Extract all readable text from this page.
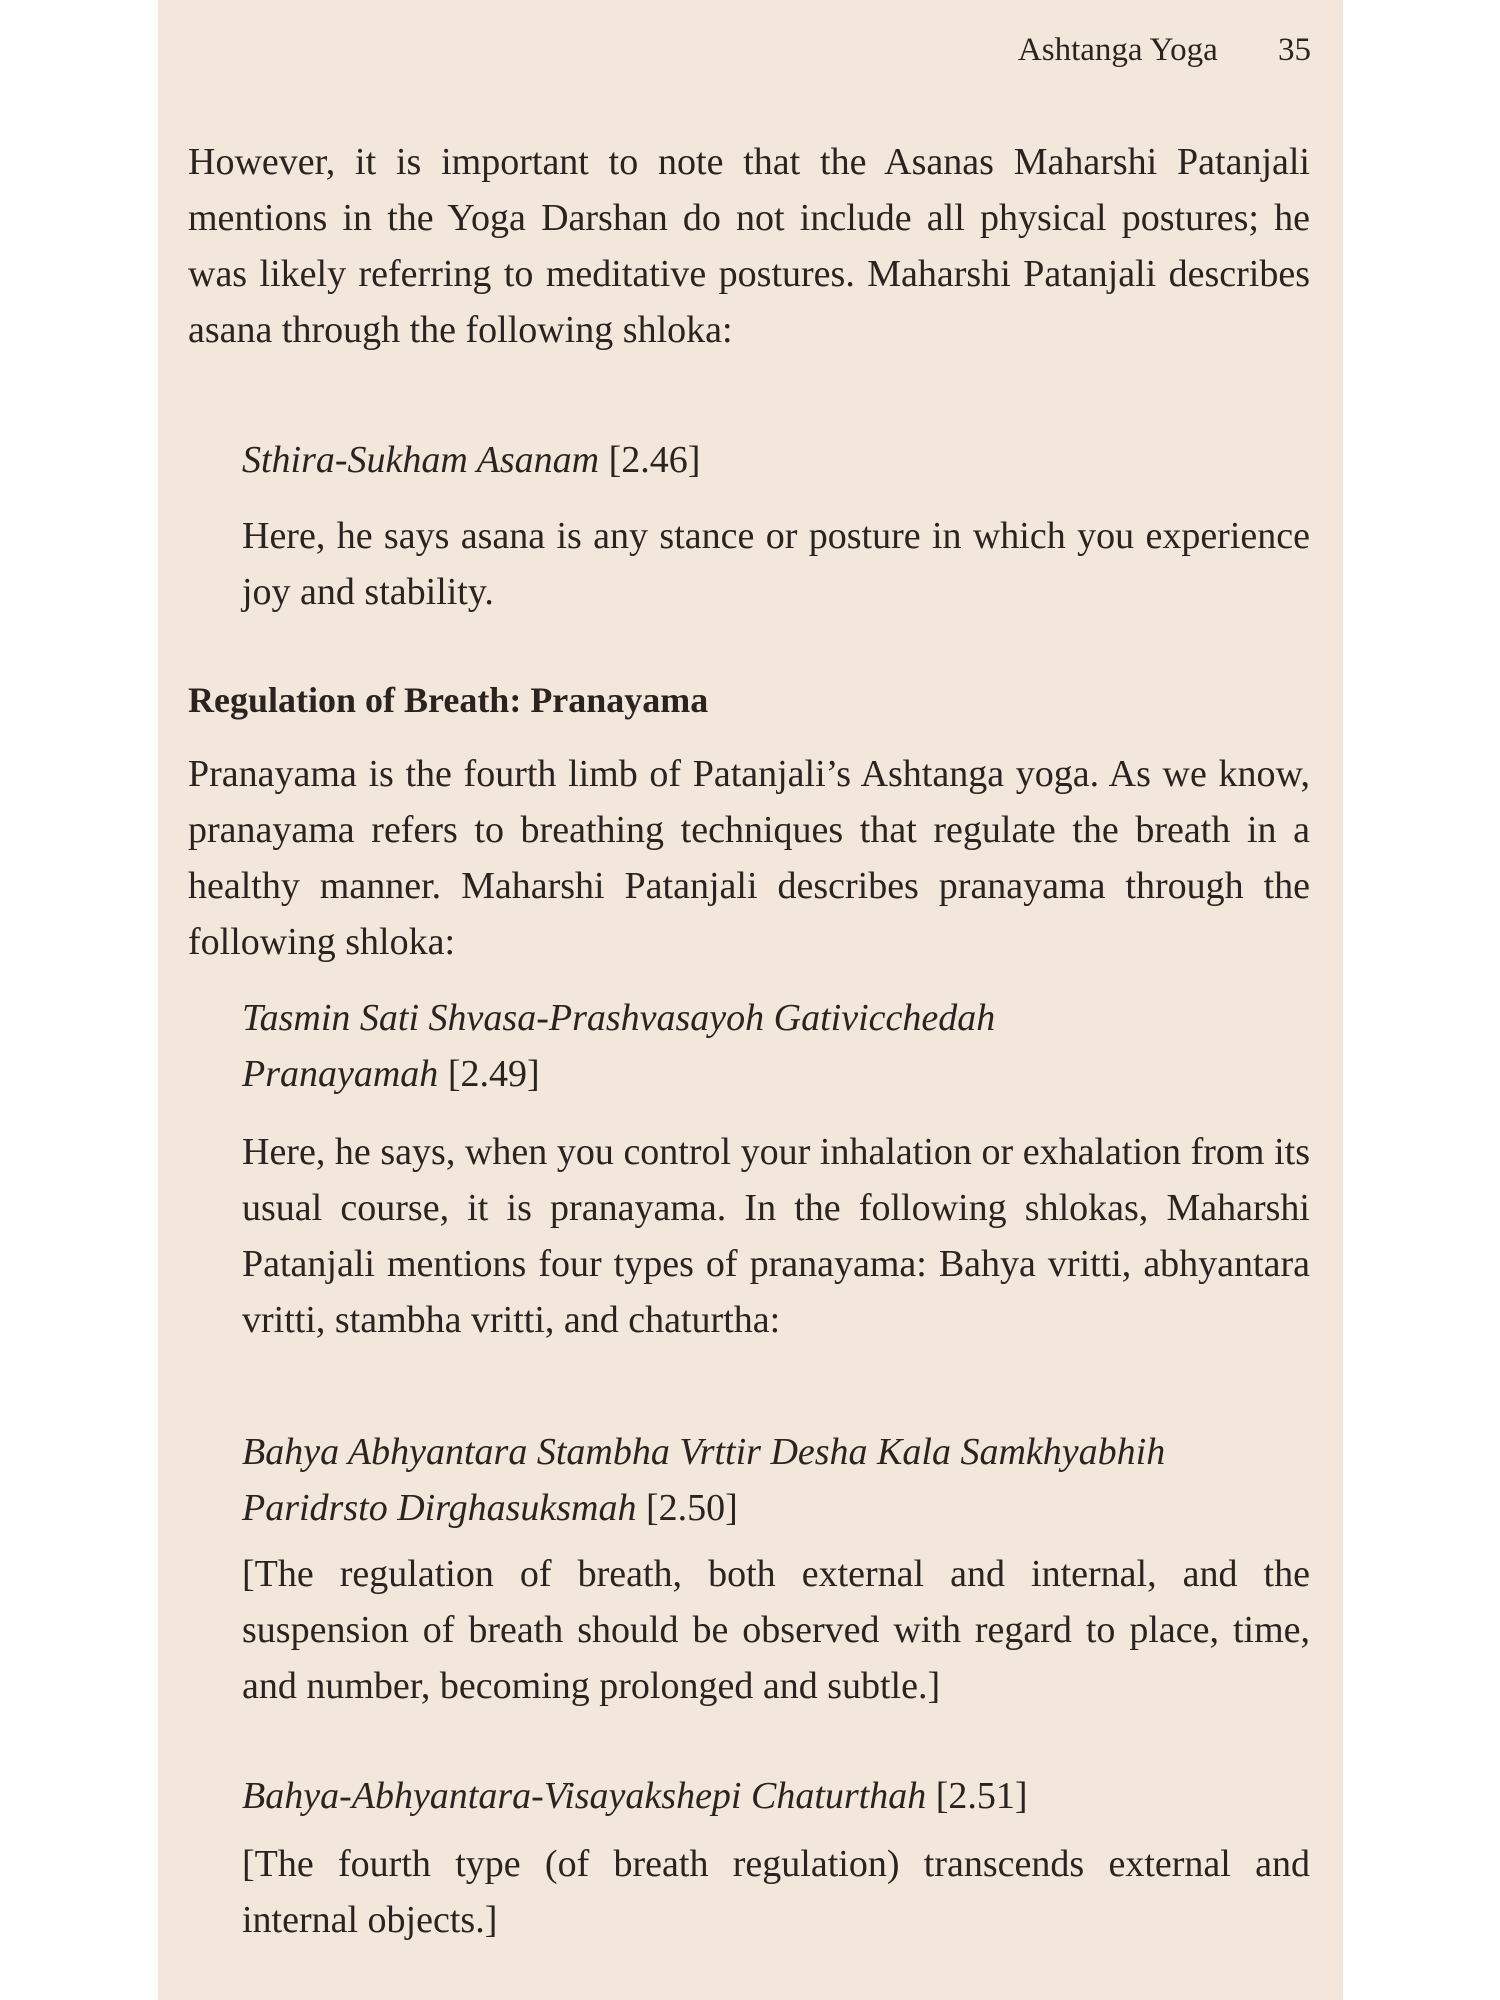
Ashtanga Yoga 35

However, it is important to note that the Asanas Maharshi Patanjali mentions in the Yoga Darshan do not include all physical postures; he was likely referring to meditative postures. Maharshi Patanjali describes asana through the following shloka:

Sthira-Sukham Asanam [2.46]

Here, he says asana is any stance or posture in which you experience joy and stability.

Regulation of Breath: Pranayama

Pranayama is the fourth limb of Patanjali’s Ashtanga yoga. As we know, pranayama refers to breathing techniques that regulate the breath in a healthy manner. Maharshi Patanjali describes pranayama through the following shloka:

Tasmin Sati Shvasa-Prashvasayoh Gativicchedah
Pranayamah [2.49]

Here, he says, when you control your inhalation or exhalation from its usual course, it is pranayama. In the following shlokas, Maharshi Patanjali mentions four types of pranayama: Bahya vritti, abhyantara vritti, stambha vritti, and chaturtha:

Bahya Abhyantara Stambha Vrttir Desha Kala Samkhyabhih
Paridrsto Dirghasuksmah [2.50]

[The regulation of breath, both external and internal, and the suspension of breath should be observed with regard to place, time, and number, becoming prolonged and subtle.]

Bahya-Abhyantara-Visayakshepi Chaturthah [2.51]

[The fourth type (of breath regulation) transcends external and internal objects.]
